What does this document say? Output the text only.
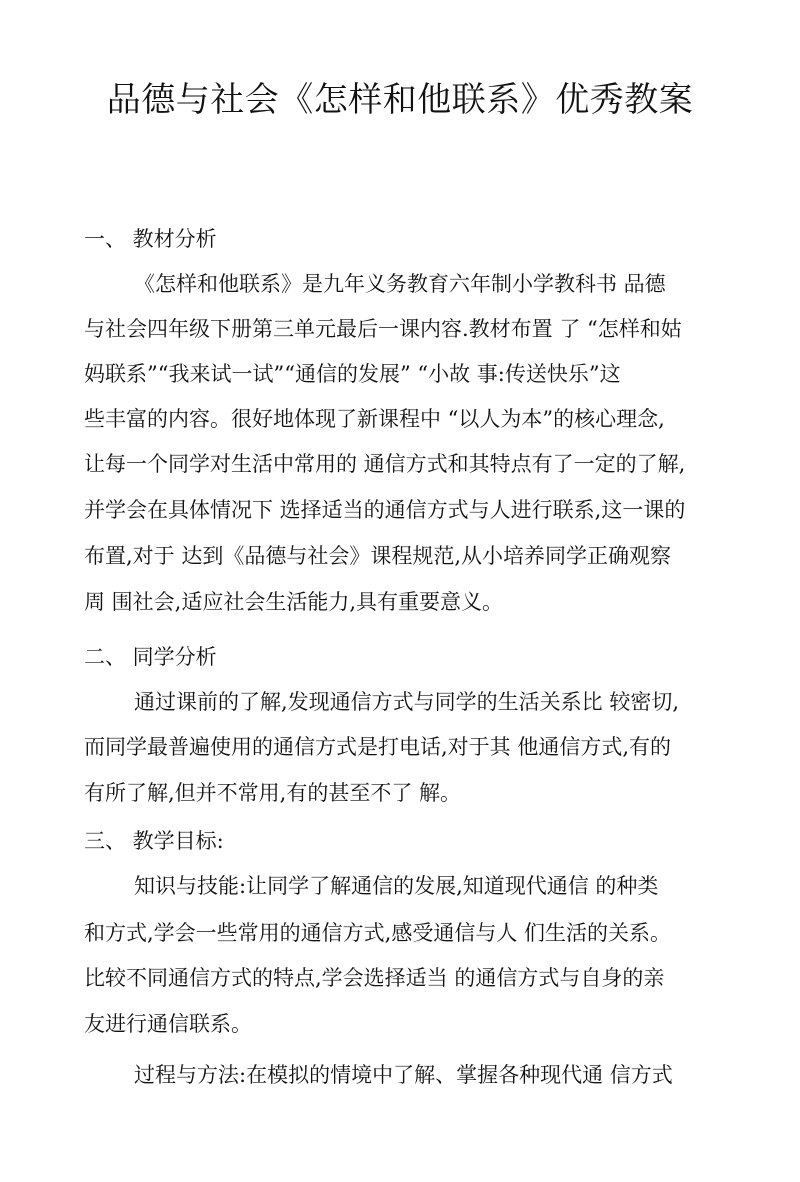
品德与社会《怎样和他联系》优秀教案
一、 教材分析
《怎样和他联系》是九年义务教育六年制小学教科书 品德
与社会四年级下册第三单元最后一课内容.教材布置 了 “怎样和姑
妈联系”“我来试一试”“通信的发展” “小故 事:传送快乐”这
些丰富的内容。很好地体现了新课程中 “以人为本”的核心理念,
让每一个同学对生活中常用的 通信方式和其特点有了一定的了解,
并学会在具体情况下 选择适当的通信方式与人进行联系,这一课的
布置,对于 达到《品德与社会》课程规范,从小培养同学正确观察
周 围社会,适应社会生活能力,具有重要意义。
二、 同学分析
通过课前的了解,发现通信方式与同学的生活关系比 较密切,
而同学最普遍使用的通信方式是打电话,对于其 他通信方式,有的
有所了解,但并不常用,有的甚至不了 解。
三、 教学目标:
知识与技能:让同学了解通信的发展,知道现代通信 的种类
和方式,学会一些常用的通信方式,感受通信与人 们生活的关系。
比较不同通信方式的特点,学会选择适当 的通信方式与自身的亲
友进行通信联系。
过程与方法:在模拟的情境中了解、掌握各种现代通 信方式
